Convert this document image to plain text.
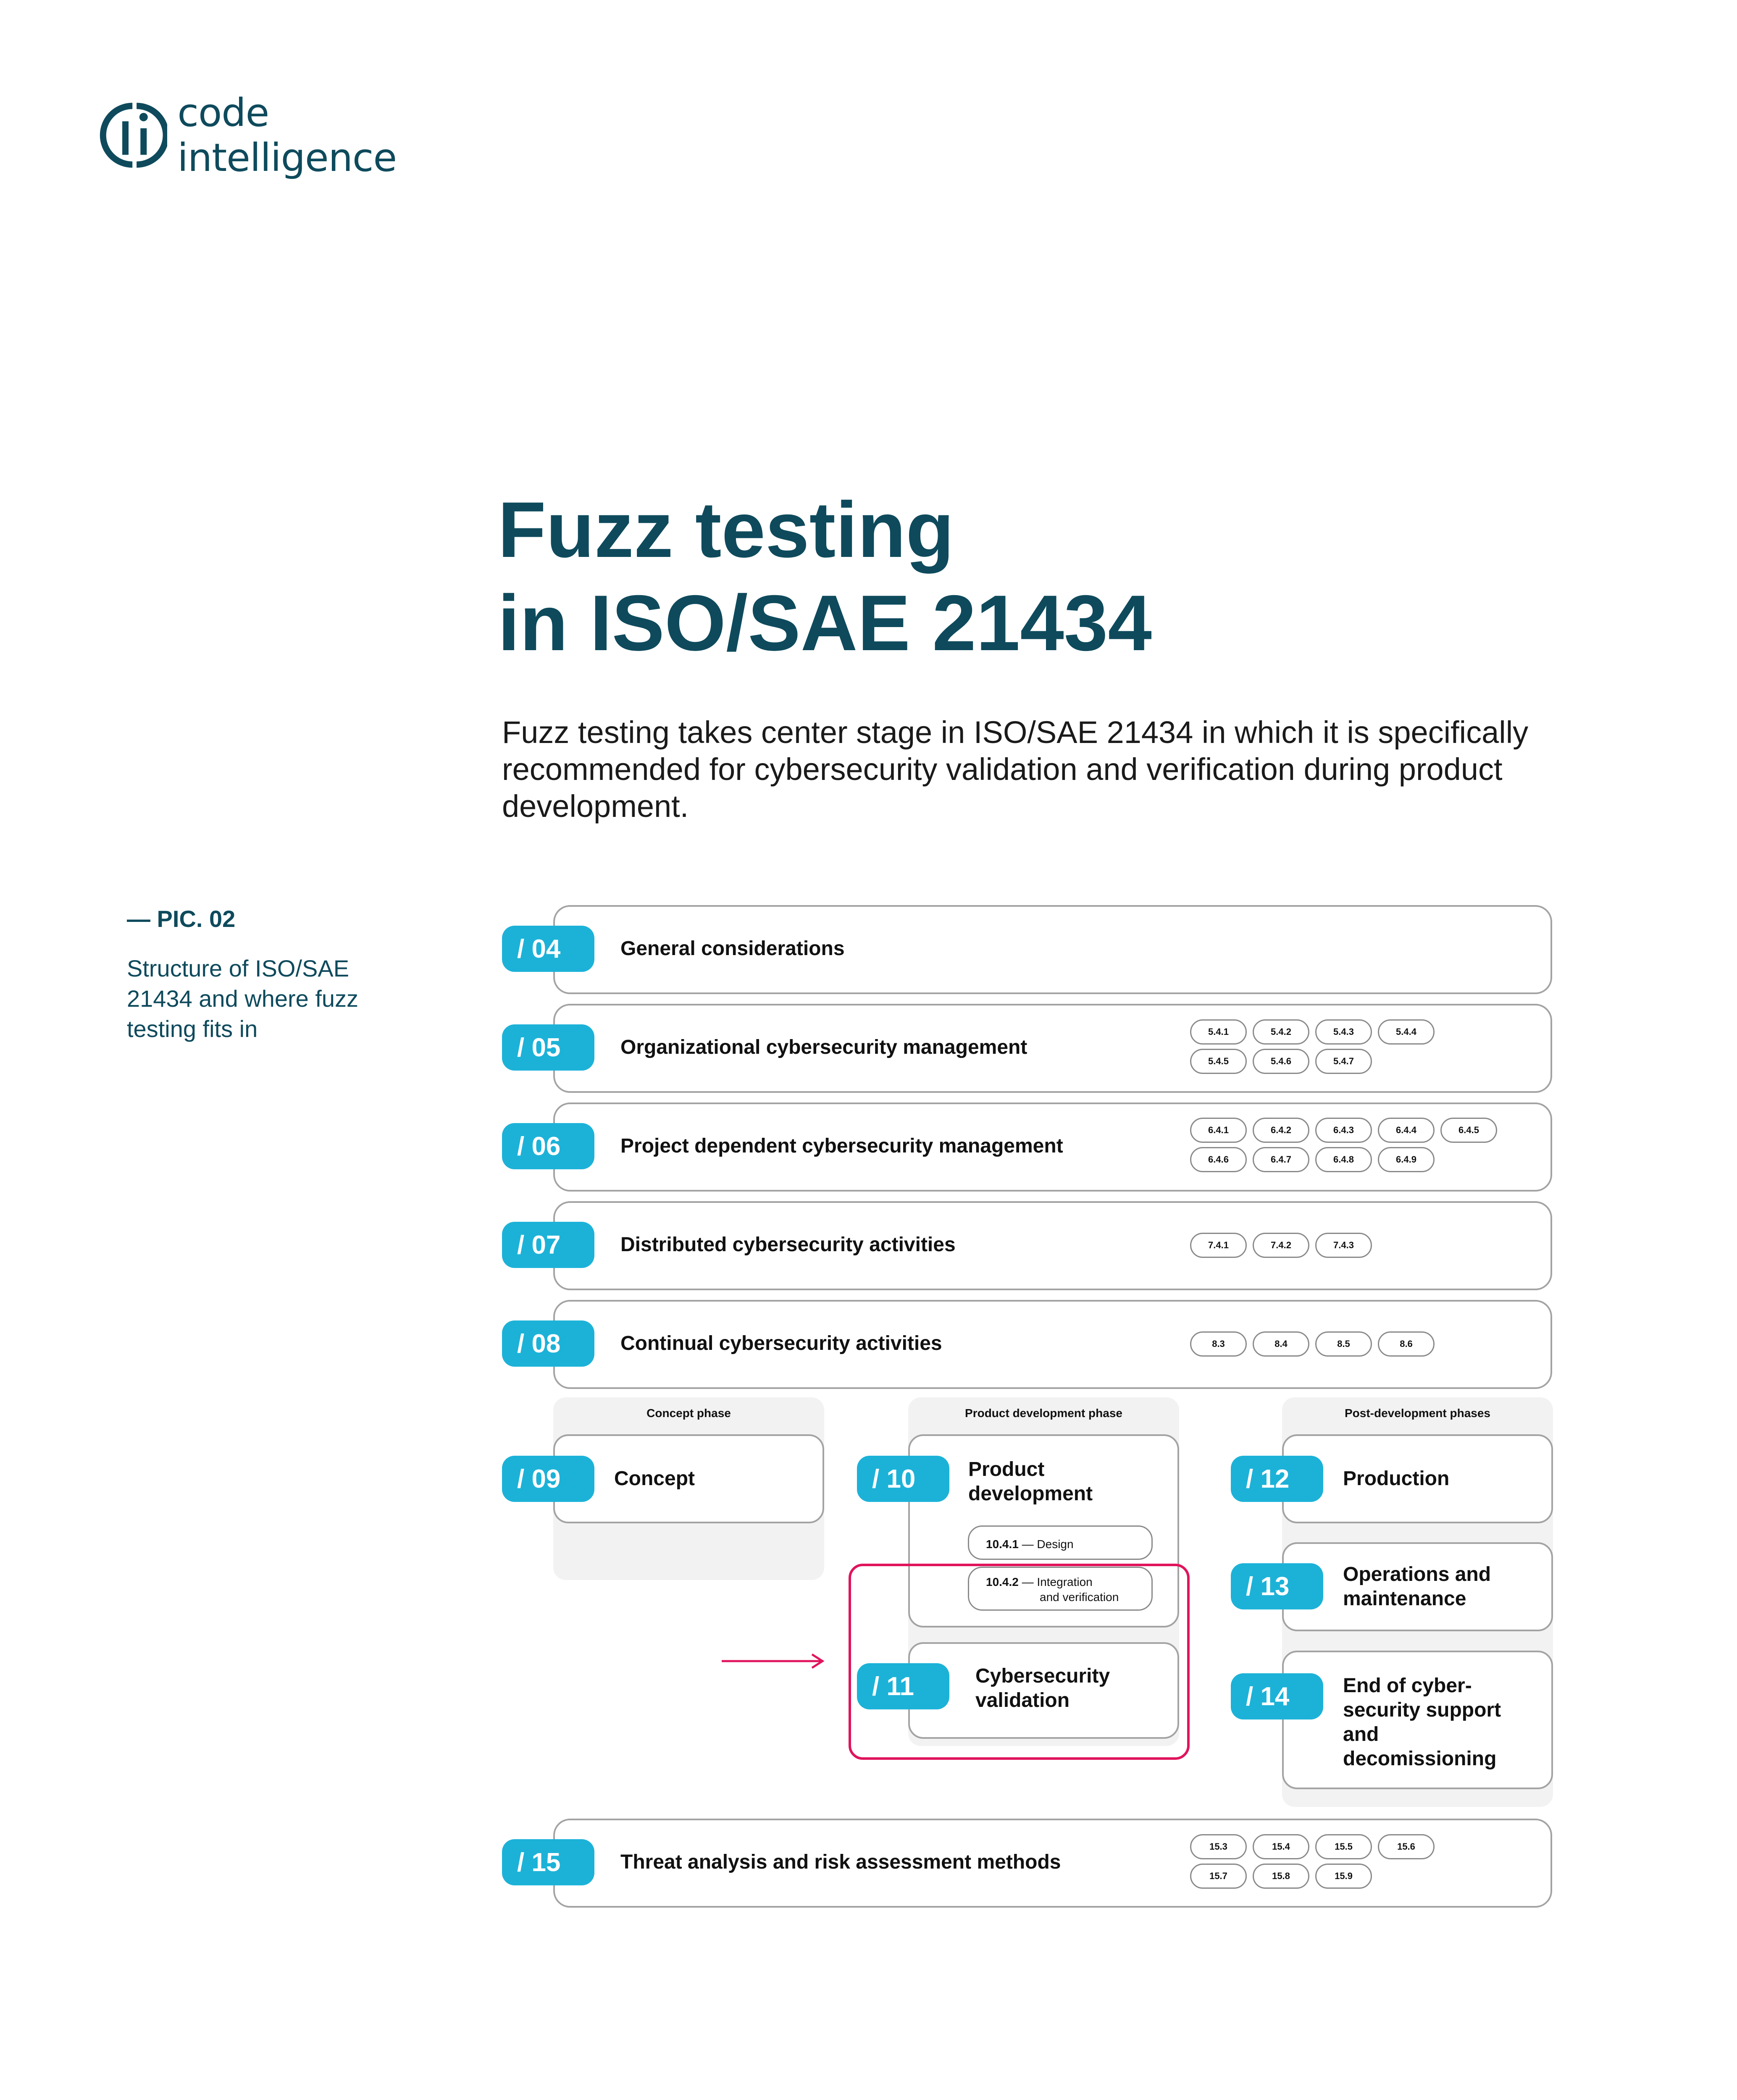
code intelligence
Fuzz testing
in ISO/SAE 21434

Fuzz testing takes center stage in ISO/SAE 21434 in which it is specifically recommended for cybersecurity validation and verification during product development.

— PIC. 02

Structure of ISO/SAE 21434 and where fuzz testing fits in

/ 04	General considerations
/ 05	Organizational cybersecurity management
5.4.1	5.4.2	5.4.3	5.4.4
5.4.5	5.4.6	5.4.7
/ 06	Project dependent cybersecurity management
6.4.1	6.4.2	6.4.3	6.4.4	6.4.5
6.4.6	6.4.7	6.4.8	6.4.9
/ 07	Distributed cybersecurity activities	7.4.1	7.4.2	7.4.3
/ 08	Continual cybersecurity activities	8.3	8.4	8.5	8.6
Concept phase
/ 09	Concept
Product development phase
/ 10	Product development
10.4.1 — Design
10.4.2 — Integration
and verification
/ 11	Cybersecurity validation
Post-development phases
/ 12	Production
/ 13	Operations and maintenance
/ 14	End of cyber-security support and decomissioning
/ 15	Threat analysis and risk assessment methods
15.3	15.4	15.5	15.6
15.7	15.8	15.9
